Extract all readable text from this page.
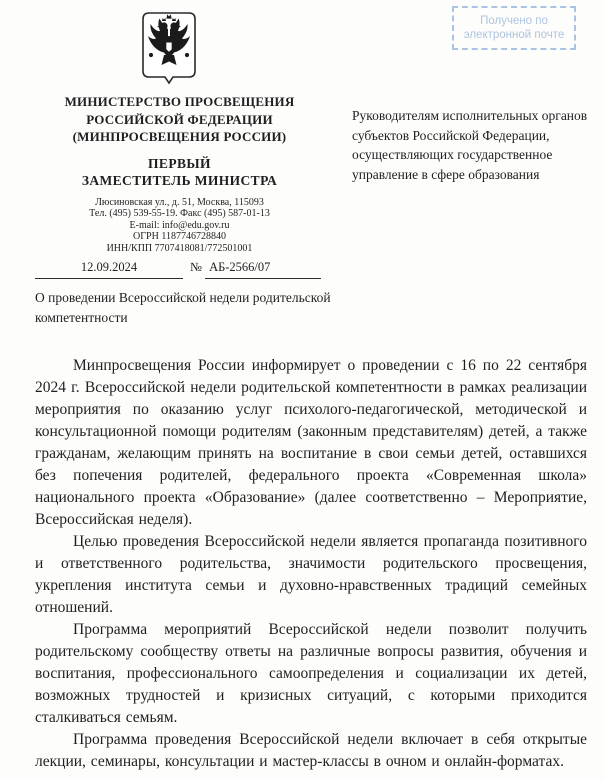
Получено по
электронной почте
МИНИСТЕРСТВО ПРОСВЕЩЕНИЯ
РОССИЙСКОЙ ФЕДЕРАЦИИ
(МИНПРОСВЕЩЕНИЯ РОССИИ)
ПЕРВЫЙ
ЗАМЕСТИТЕЛЬ МИНИСТРА
Люсиновская ул., д. 51, Москва, 115093
Тел. (495) 539-55-19. Факс (495) 587-01-13
E-mail: info@edu.gov.ru
ОГРН 1187746728840
ИНН/КПП 7707418081/772501001
Руководителям исполнительных органов субъектов Российской Федерации, осуществляющих государственное управление в сфере образования
12.09.2024	№ АБ-2566/07
О проведении Всероссийской недели родительской компетентности

Минпросвещения России информирует о проведении с 16 по 22 сентября 2024 г. Всероссийской недели родительской компетентности в рамках реализации мероприятия по оказанию услуг психолого-педагогической, методической и консультационной помощи родителям (законным представителям) детей, а также гражданам, желающим принять на воспитание в свои семьи детей, оставшихся без попечения родителей, федерального проекта «Современная школа» национального проекта «Образование» (далее соответственно – Мероприятие, Всероссийская неделя).

Целью проведения Всероссийской недели является пропаганда позитивного и ответственного родительства, значимости родительского просвещения, укрепления института семьи и духовно-нравственных традиций семейных отношений.

Программа мероприятий Всероссийской недели позволит получить родительскому сообществу ответы на различные вопросы развития, обучения и воспитания, профессионального самоопределения и социализации их детей, возможных трудностей и кризисных ситуаций, с которыми приходится сталкиваться семьям.

Программа проведения Всероссийской недели включает в себя открытые лекции, семинары, консультации и мастер-классы в очном и онлайн-форматах.
